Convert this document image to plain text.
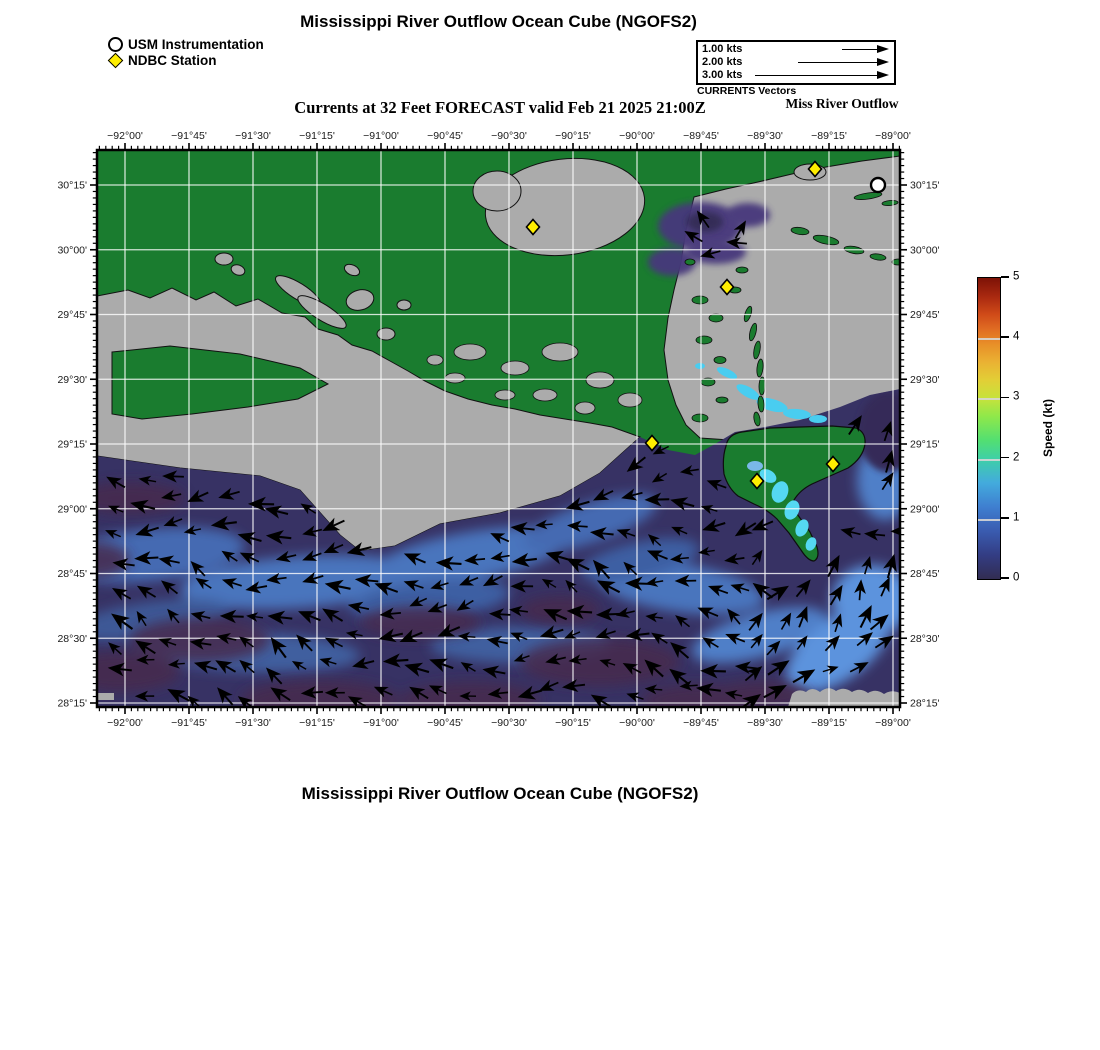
Mississippi River Outflow Ocean Cube (NGOFS2)
USM Instrumentation
NDBC Station
1.00 kts
2.00 kts
3.00 kts
CURRENTS Vectors
Miss River Outflow
Currents at 32 Feet FORECAST valid Feb 21 2025 21:00Z
−92°00'
−92°00'
−91°45'
−91°45'
−91°30'
−91°30'
−91°15'
−91°15'
−91°00'
−91°00'
−90°45'
−90°45'
−90°30'
−90°30'
−90°15'
−90°15'
−90°00'
−90°00'
−89°45'
−89°45'
−89°30'
−89°30'
−89°15'
−89°15'
−89°00'
−89°00'
30°15'	30°15'
30°00'	30°00'
29°45'	29°45'
29°30'	29°30'
29°15'	29°15'
29°00'	29°00'
28°45'	28°45'
28°30'	28°30'
28°15'	28°15'
0
1
2
3
4
5
Speed (kt)
Mississippi River Outflow Ocean Cube (NGOFS2)
